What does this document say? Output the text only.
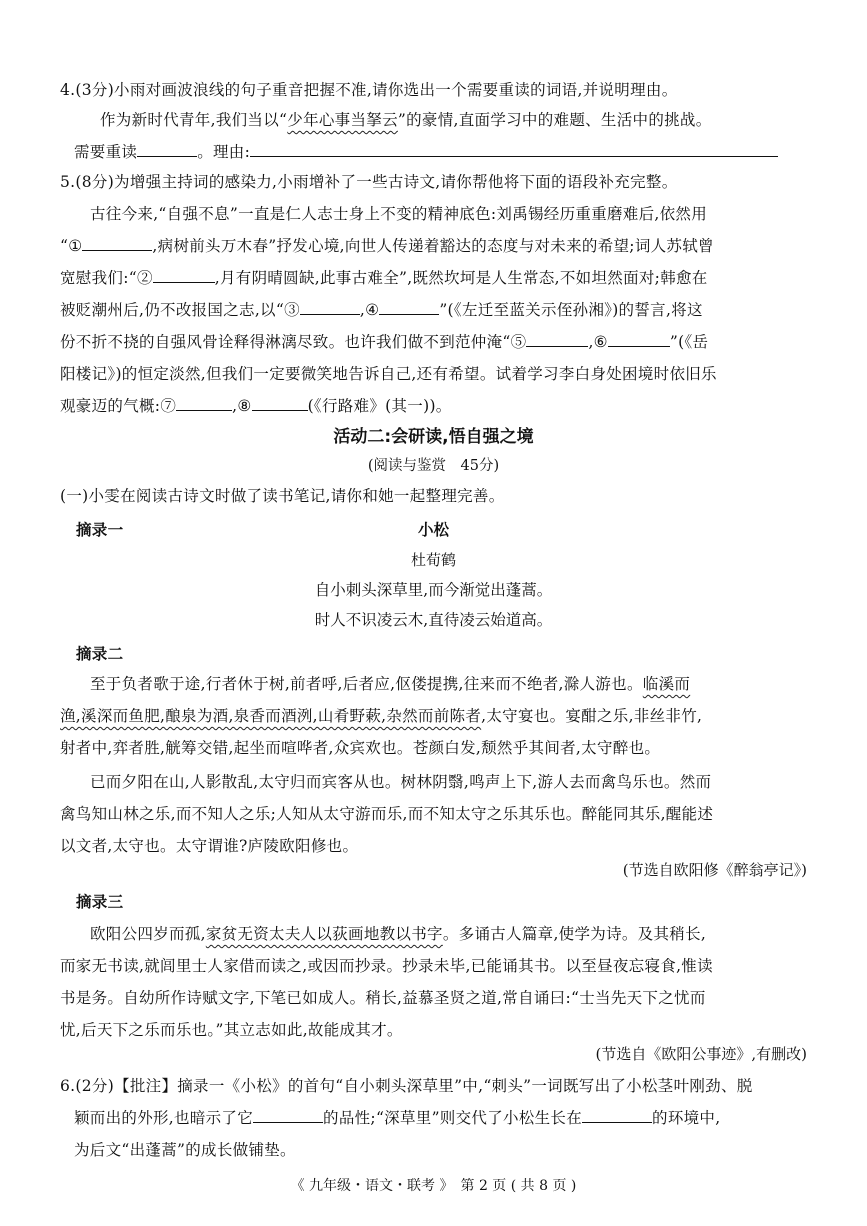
4.(3分)小雨对画波浪线的句子重音把握不准,请你选出一个需要重读的词语,并说明理由。
作为新时代青年,我们当以“少年心事当拏云”的豪情,直面学习中的难题、生活中的挑战。
需要重读	。理由:
5.(8分)为增强主持词的感染力,小雨增补了一些古诗文,请你帮他将下面的语段补充完整。
古往今来,“自强不息”一直是仁人志士身上不变的精神底色:刘禹锡经历重重磨难后,依然用
“①	,病树前头万木春”抒发心境,向世人传递着豁达的态度与对未来的希望;词人苏轼曾
宽慰我们:“②	,月有阴晴圆缺,此事古难全”,既然坎坷是人生常态,不如坦然面对;韩愈在
被贬潮州后,仍不改报国之志,以“③	,④	”(《左迁至蓝关示侄孙湘》)的誓言,将这
份不折不挠的自强风骨诠释得淋漓尽致。也许我们做不到范仲淹“⑤	,⑥	”(《岳
阳楼记》)的恒定淡然,但我们一定要微笑地告诉自己,还有希望。试着学习李白身处困境时依旧乐
观豪迈的气概:⑦	,⑧	(《行路难》(其一))。
活动二:会研读,悟自强之境
(阅读与鉴赏　45分)
(一)小雯在阅读古诗文时做了读书笔记,请你和她一起整理完善。
摘录一	小松
杜荀鹤
自小刺头深草里,而今渐觉出蓬蒿。
时人不识凌云木,直待凌云始道高。
摘录二
至于负者歌于途,行者休于树,前者呼,后者应,伛偻提携,往来而不绝者,滁人游也。临溪而
渔,溪深而鱼肥,酿泉为酒,泉香而酒洌,山肴野蔌,杂然而前陈者,太守宴也。宴酣之乐,非丝非竹,
射者中,弈者胜,觥筹交错,起坐而喧哗者,众宾欢也。苍颜白发,颓然乎其间者,太守醉也。
已而夕阳在山,人影散乱,太守归而宾客从也。树林阴翳,鸣声上下,游人去而禽鸟乐也。然而
禽鸟知山林之乐,而不知人之乐;人知从太守游而乐,而不知太守之乐其乐也。醉能同其乐,醒能述
以文者,太守也。太守谓谁?庐陵欧阳修也。
(节选自欧阳修《醉翁亭记》)
摘录三
欧阳公四岁而孤,家贫无资太夫人以荻画地教以书字。多诵古人篇章,使学为诗。及其稍长,
而家无书读,就闾里士人家借而读之,或因而抄录。抄录未毕,已能诵其书。以至昼夜忘寝食,惟读
书是务。自幼所作诗赋文字,下笔已如成人。稍长,益慕圣贤之道,常自诵曰:“士当先天下之忧而
忧,后天下之乐而乐也。”其立志如此,故能成其才。
(节选自《欧阳公事迹》,有删改)
6.(2分)【批注】摘录一《小松》的首句“自小刺头深草里”中,“刺头”一词既写出了小松茎叶刚劲、脱
颖而出的外形,也暗示了它	的品性;“深草里”则交代了小松生长在	的环境中,
为后文“出蓬蒿”的成长做铺垫。
《 九年级・语文・联考 》　第 2 页 ( 共 8 页 )
